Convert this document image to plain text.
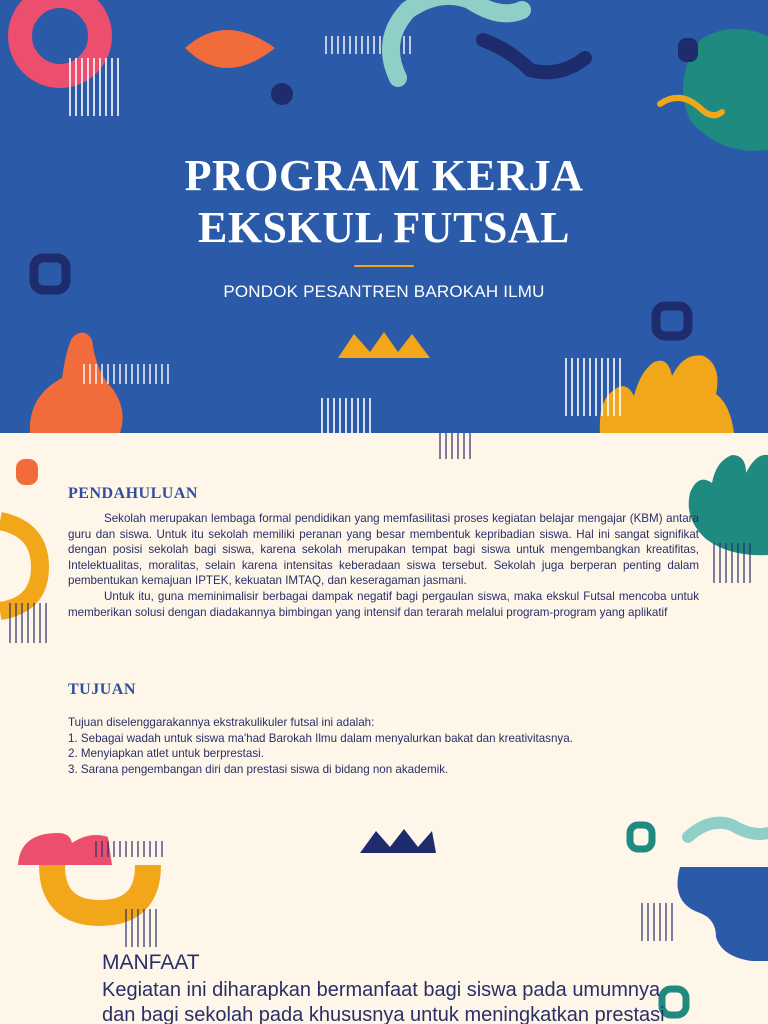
PROGRAM KERJA
EKSKUL FUTSAL
PONDOK PESANTREN BAROKAH ILMU
PENDAHULUAN

Sekolah merupakan lembaga formal pendidikan yang memfasilitasi proses kegiatan belajar mengajar (KBM) antara guru dan siswa. Untuk itu sekolah memiliki peranan yang besar membentuk kepribadian siswa. Hal ini sangat signifikat dengan posisi sekolah bagi siswa, karena sekolah merupakan tempat bagi siswa untuk mengembangkan kreatifitas, Intelektualitas, moralitas, selain karena intensitas keberadaan siswa tersebut. Sekolah juga berperan penting dalam pembentukan kemajuan IPTEK, kekuatan IMTAQ, dan keseragaman jasmani.

Untuk itu, guna meminimalisir berbagai dampak negatif bagi pergaulan siswa, maka ekskul Futsal mencoba untuk memberikan solusi dengan diadakannya bimbingan yang intensif dan terarah melalui program-program yang aplikatif

TUJUAN
Tujuan diselenggarakannya ekstrakulikuler futsal ini adalah:
1. Sebagai wadah untuk siswa ma'had Barokah Ilmu dalam menyalurkan bakat dan kreativitasnya.
2. Menyiapkan atlet untuk berprestasi.
3. Sarana pengembangan diri dan prestasi siswa di bidang non akademik.
MANFAAT
Kegiatan ini diharapkan bermanfaat bagi siswa pada umumnya
dan bagi sekolah pada khususnya untuk meningkatkan prestasi
